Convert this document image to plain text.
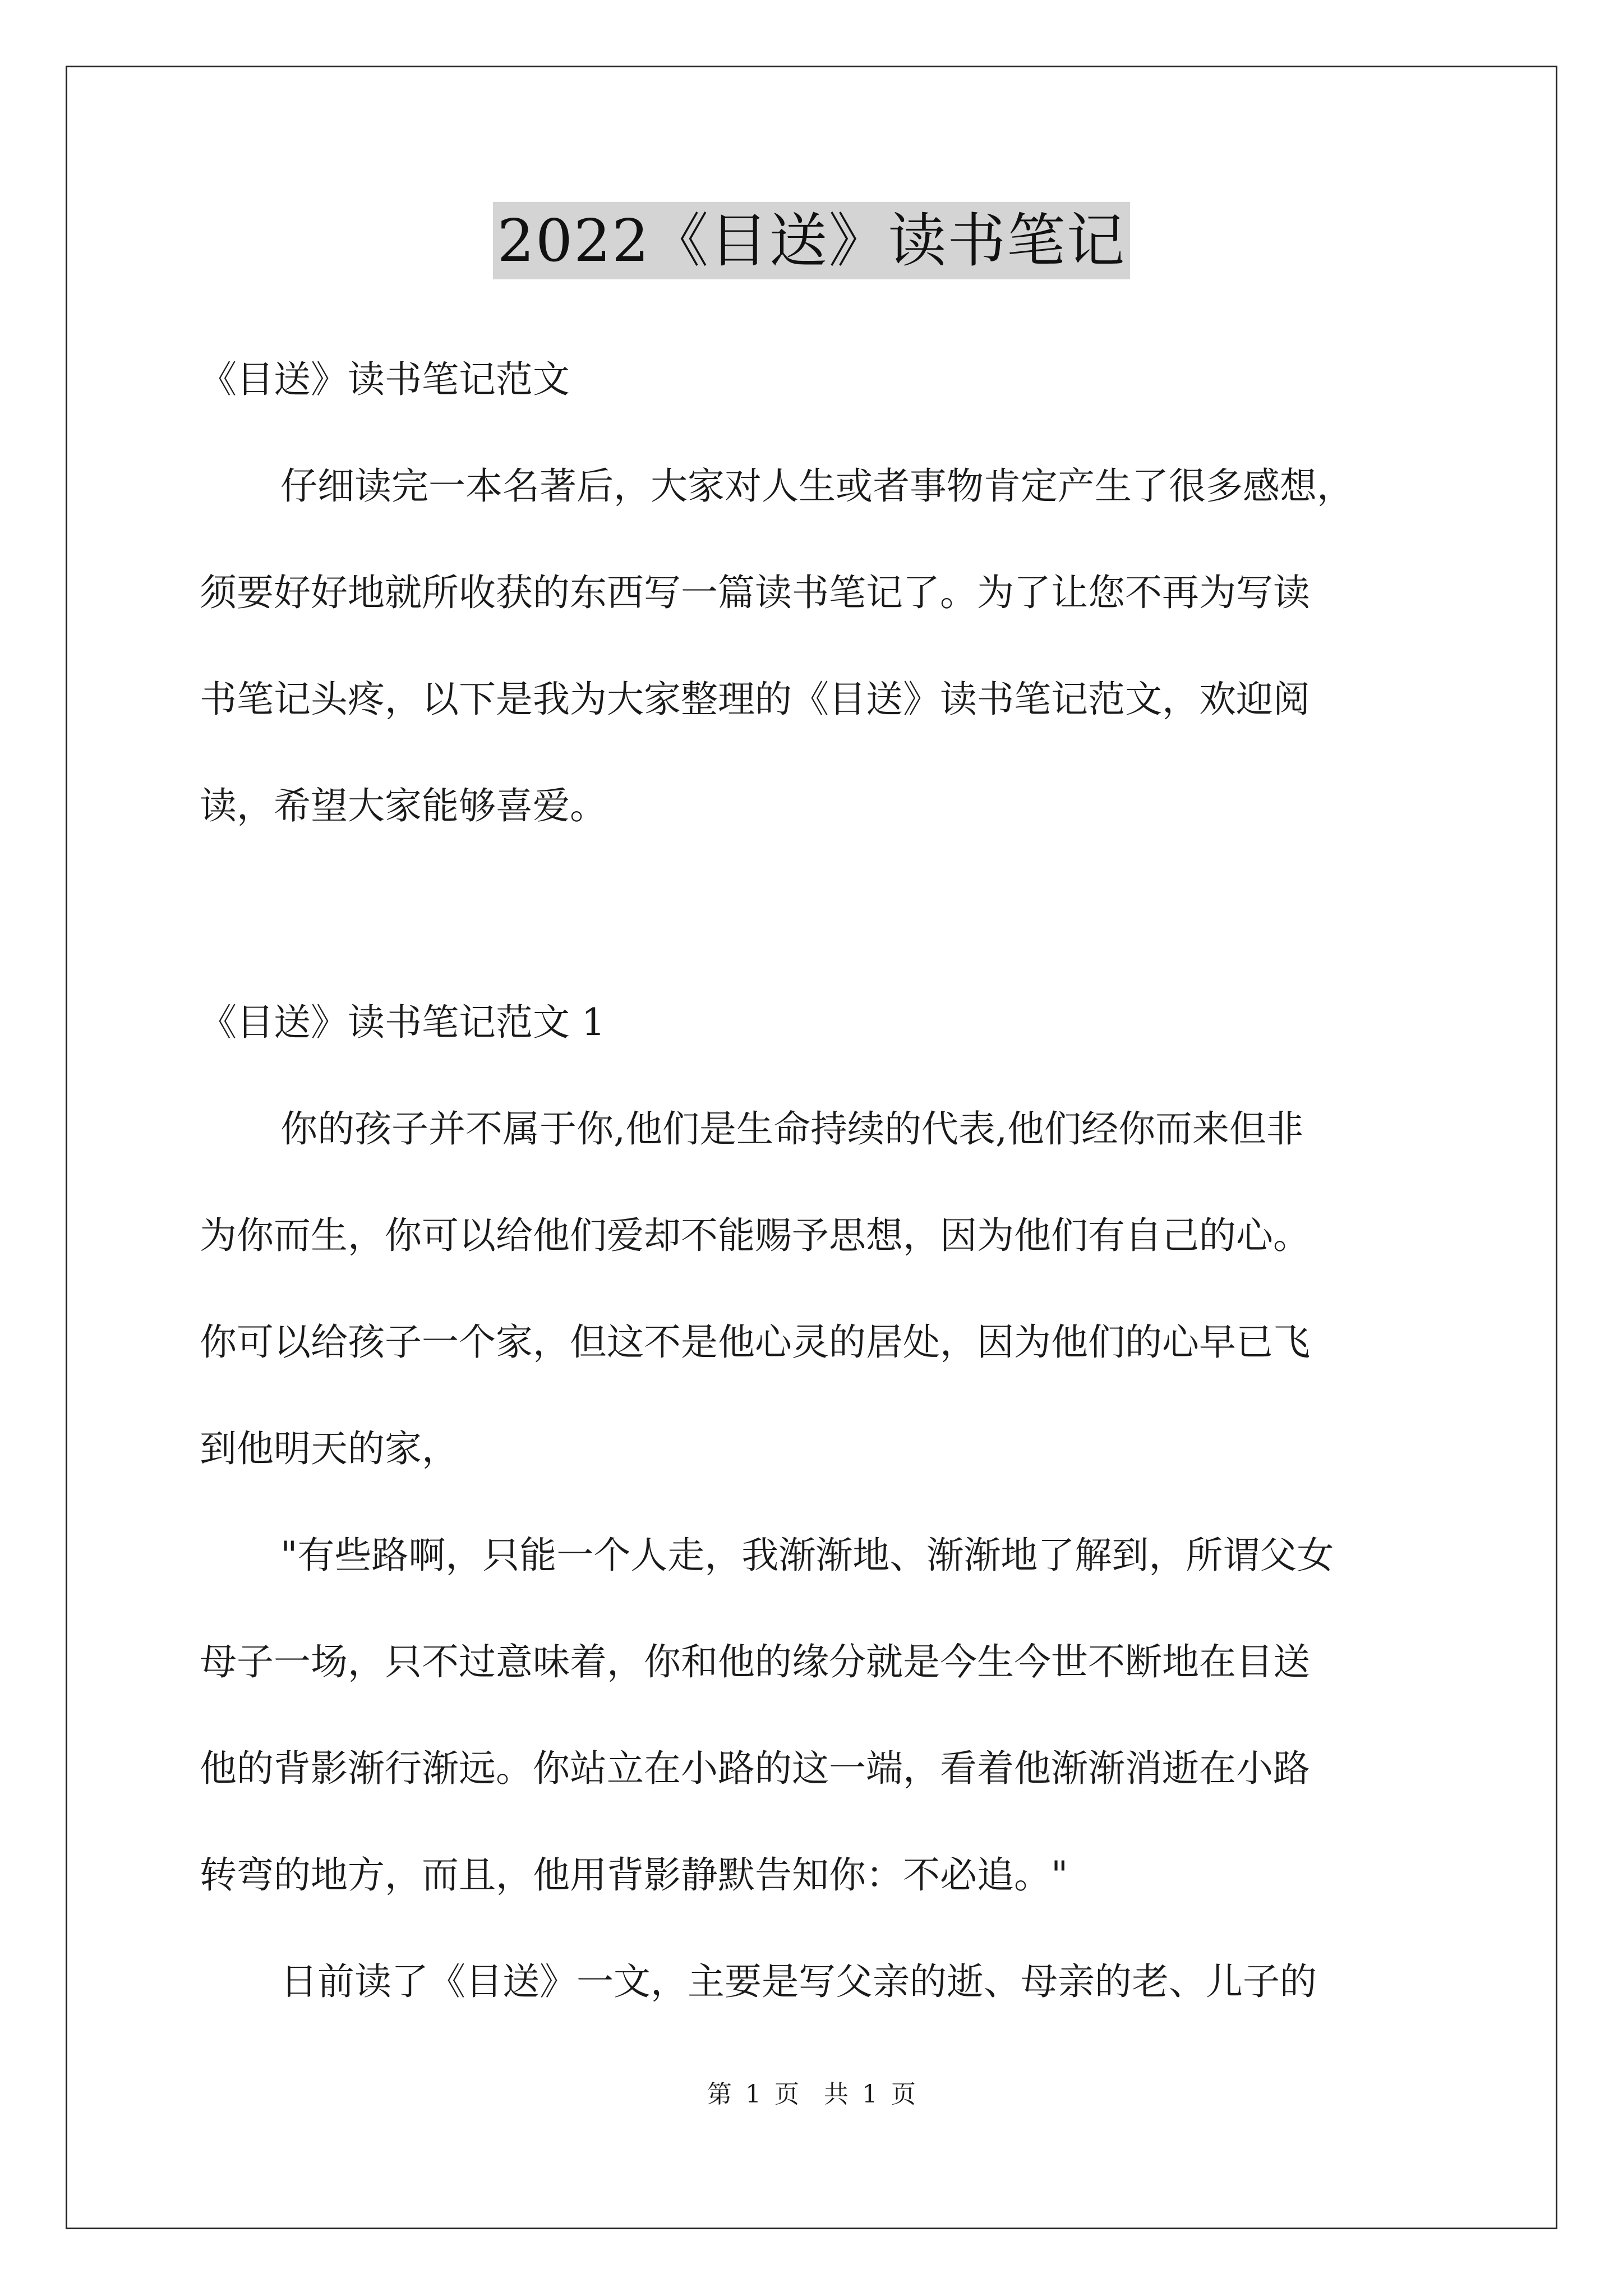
2022《目送》读书笔记
《目送》读书笔记范文
仔细读完一本名著后，大家对人生或者事物肯定产生了很多感想，
须要好好地就所收获的东西写一篇读书笔记了。为了让您不再为写读
书笔记头疼，以下是我为大家整理的《目送》读书笔记范文，欢迎阅
读，希望大家能够喜爱。
《目送》读书笔记范文 1
你的孩子并不属于你,他们是生命持续的代表,他们经你而来但非
为你而生，你可以给他们爱却不能赐予思想，因为他们有自己的心。
你可以给孩子一个家，但这不是他心灵的居处，因为他们的心早已飞
到他明天的家，
"有些路啊，只能一个人走，我渐渐地、渐渐地了解到，所谓父女
母子一场，只不过意味着，你和他的缘分就是今生今世不断地在目送
他的背影渐行渐远。你站立在小路的这一端，看着他渐渐消逝在小路
转弯的地方，而且，他用背影静默告知你：不必追。"
日前读了《目送》一文，主要是写父亲的逝、母亲的老、儿子的
第 1 页　共 1 页
